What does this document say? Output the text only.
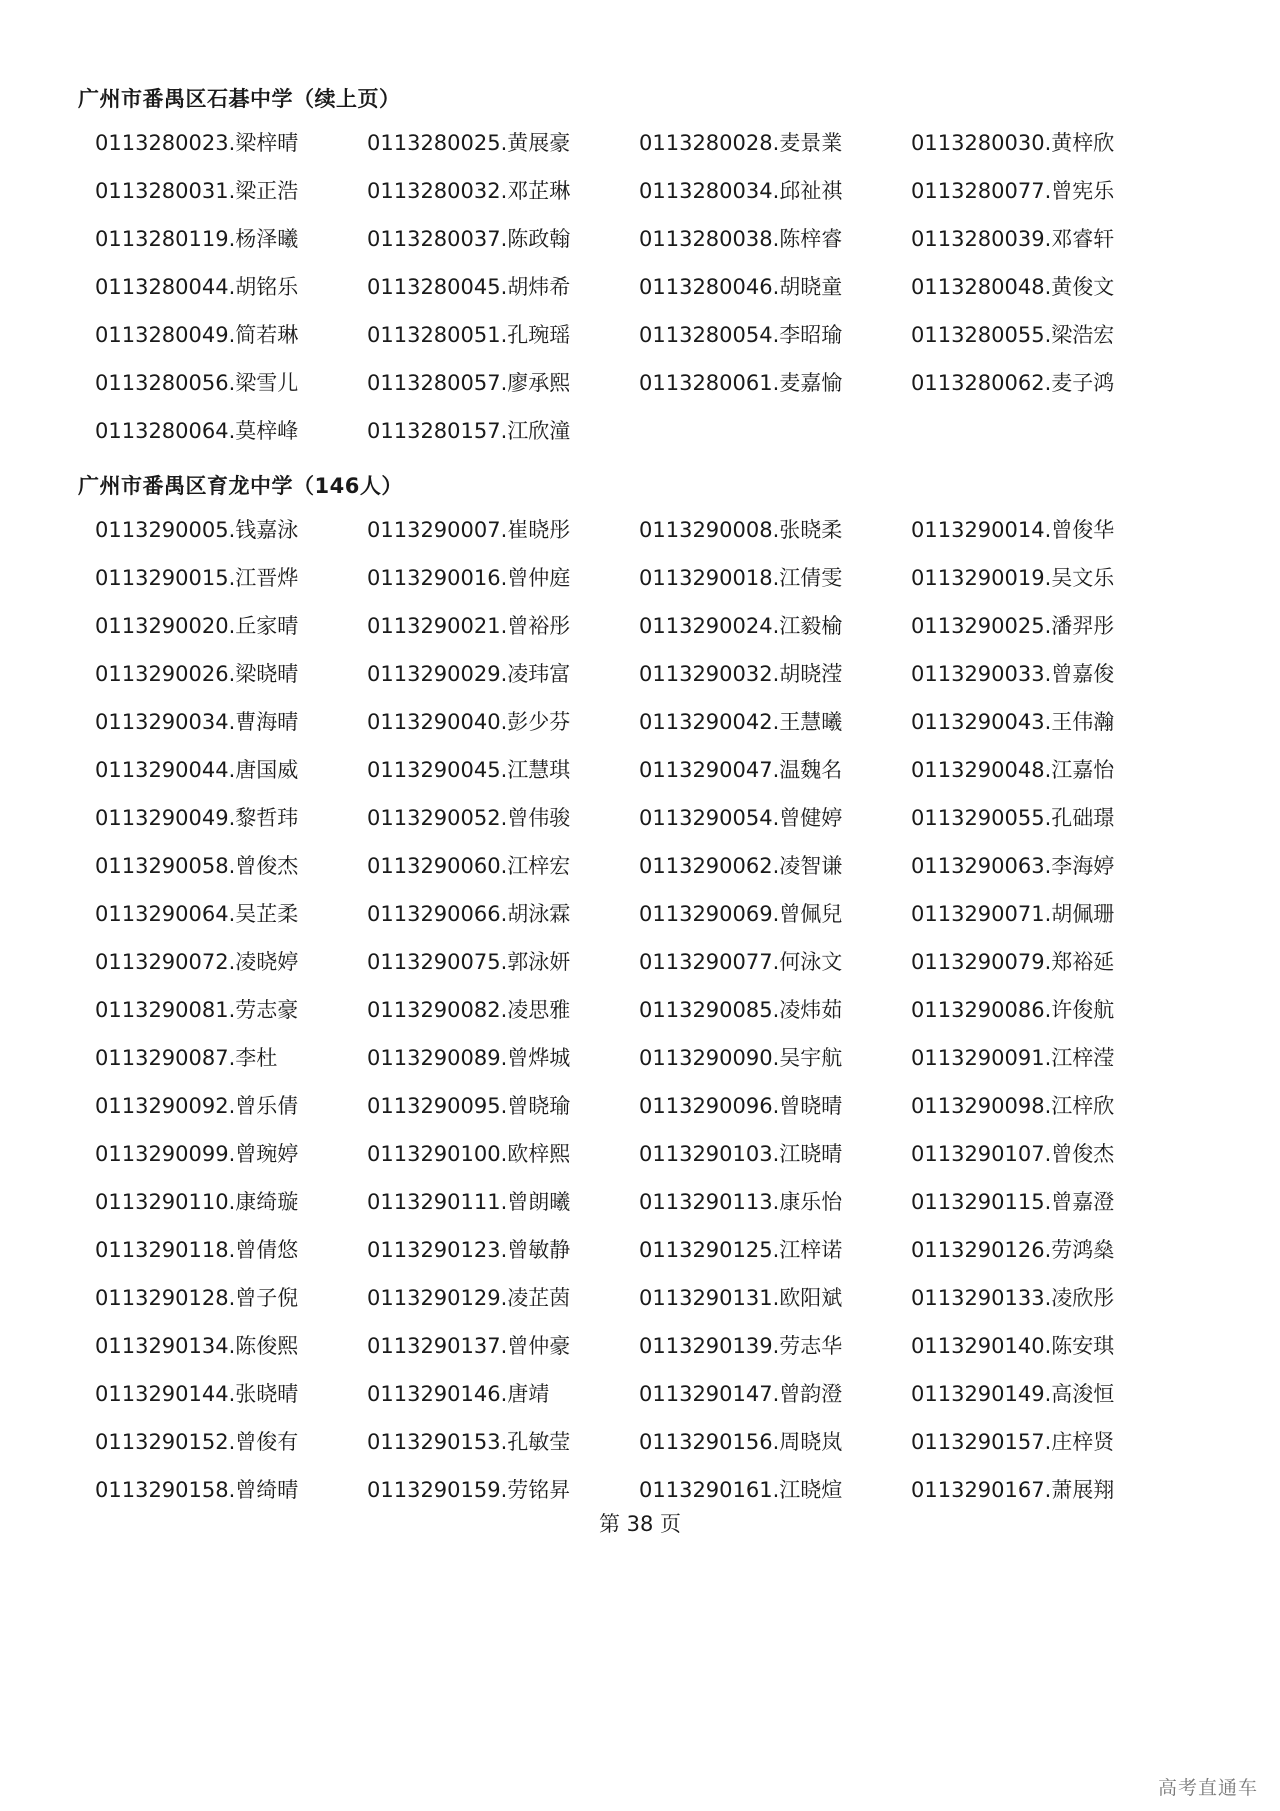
广州市番禺区石碁中学（续上页）
0113280023.梁梓晴	0113280025.黄展豪	0113280028.麦景業	0113280030.黄梓欣
0113280031.梁正浩	0113280032.邓芷琳	0113280034.邱祉祺	0113280077.曾宪乐
0113280119.杨泽曦	0113280037.陈政翰	0113280038.陈梓睿	0113280039.邓睿轩
0113280044.胡铭乐	0113280045.胡炜希	0113280046.胡晓童	0113280048.黄俊文
0113280049.简若琳	0113280051.孔琬瑶	0113280054.李昭瑜	0113280055.梁浩宏
0113280056.梁雪儿	0113280057.廖承熙	0113280061.麦嘉愉	0113280062.麦子鸿
0113280064.莫梓峰	0113280157.江欣潼
广州市番禺区育龙中学（146人）
0113290005.钱嘉泳	0113290007.崔晓彤	0113290008.张晓柔	0113290014.曾俊华
0113290015.江晋烨	0113290016.曾仲庭	0113290018.江倩雯	0113290019.吴文乐
0113290020.丘家晴	0113290021.曾裕彤	0113290024.江毅榆	0113290025.潘羿彤
0113290026.梁晓晴	0113290029.凌玮富	0113290032.胡晓滢	0113290033.曾嘉俊
0113290034.曹海晴	0113290040.彭少芬	0113290042.王慧曦	0113290043.王伟瀚
0113290044.唐国威	0113290045.江慧琪	0113290047.温魏名	0113290048.江嘉怡
0113290049.黎哲玮	0113290052.曾伟骏	0113290054.曾健婷	0113290055.孔础璟
0113290058.曾俊杰	0113290060.江梓宏	0113290062.凌智谦	0113290063.李海婷
0113290064.吴芷柔	0113290066.胡泳霖	0113290069.曾佩兒	0113290071.胡佩珊
0113290072.凌晓婷	0113290075.郭泳妍	0113290077.何泳文	0113290079.郑裕延
0113290081.劳志豪	0113290082.凌思雅	0113290085.凌炜茹	0113290086.许俊航
0113290087.李杜	0113290089.曾烨城	0113290090.吴宇航	0113290091.江梓滢
0113290092.曾乐倩	0113290095.曾晓瑜	0113290096.曾晓晴	0113290098.江梓欣
0113290099.曾琬婷	0113290100.欧梓熙	0113290103.江晓晴	0113290107.曾俊杰
0113290110.康绮璇	0113290111.曾朗曦	0113290113.康乐怡	0113290115.曾嘉澄
0113290118.曾倩悠	0113290123.曾敏静	0113290125.江梓诺	0113290126.劳鸿燊
0113290128.曾子倪	0113290129.凌芷茵	0113290131.欧阳斌	0113290133.凌欣彤
0113290134.陈俊熙	0113290137.曾仲豪	0113290139.劳志华	0113290140.陈安琪
0113290144.张晓晴	0113290146.唐靖	0113290147.曾韵澄	0113290149.高浚恒
0113290152.曾俊有	0113290153.孔敏莹	0113290156.周晓岚	0113290157.庄梓贤
0113290158.曾绮晴	0113290159.劳铭昇	0113290161.江晓煊	0113290167.萧展翔
第 38 页
高考直通车
